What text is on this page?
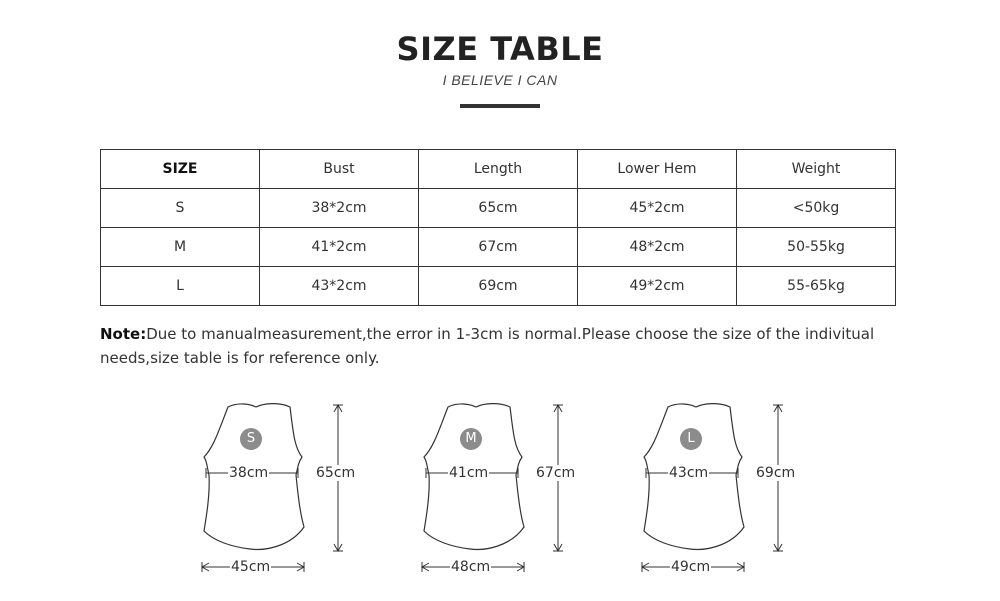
SIZE TABLE
I BELIEVE I CAN
SIZE	Bust	Length	Lower Hem	Weight
S	38*2cm	65cm	45*2cm	<50kg
M	41*2cm	67cm	48*2cm	50-55kg
L	43*2cm	69cm	49*2cm	55-65kg
Note:Due to manualmeasurement,the error in 1-3cm is normal.Please choose the size of the indivitual needs,size table is for reference only.
S
38cm	65cm
45cm
M
41cm	67cm
48cm
L
43cm	69cm
49cm
